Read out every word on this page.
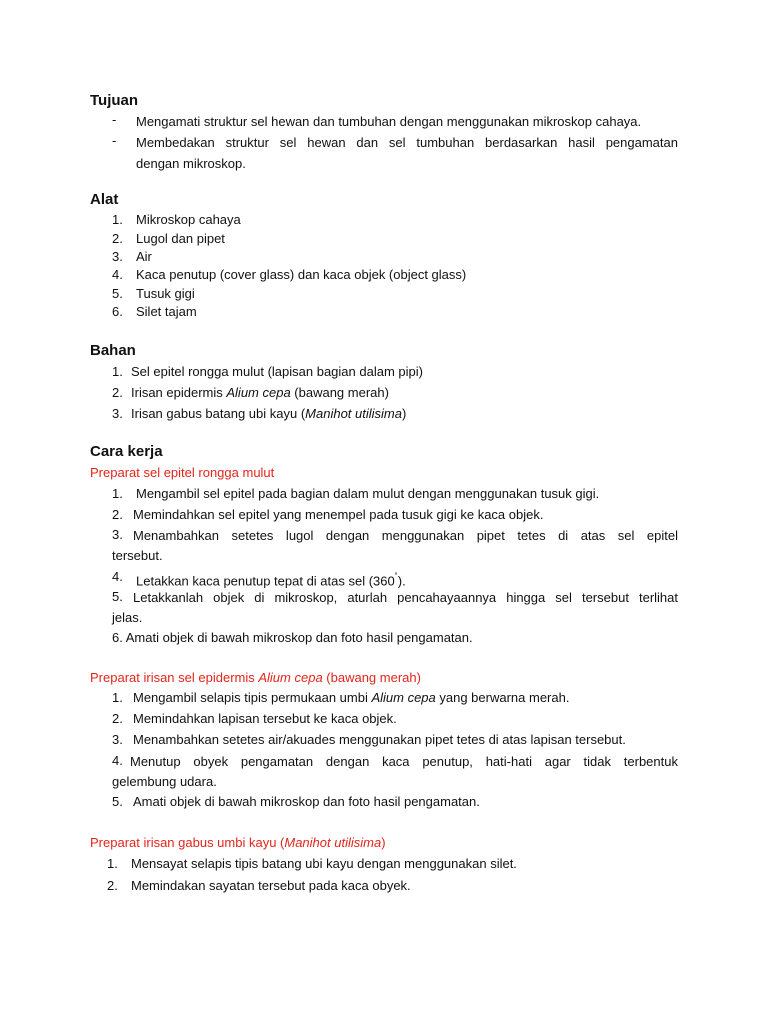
Tujuan
- Mengamati struktur sel hewan dan tumbuhan dengan menggunakan mikroskop cahaya.
- Membedakan struktur sel hewan dan sel tumbuhan berdasarkan hasil pengamatan
dengan mikroskop.
Alat
1. Mikroskop cahaya
2. Lugol dan pipet
3. Air
4. Kaca penutup (cover glass) dan kaca objek (object glass)
5. Tusuk gigi
6. Silet tajam
Bahan
1. Sel epitel rongga mulut (lapisan bagian dalam pipi)
2. Irisan epidermis Alium cepa (bawang merah)
3. Irisan gabus batang ubi kayu (Manihot utilisima)
Cara kerja
Preparat sel epitel rongga mulut
1. Mengambil sel epitel pada bagian dalam mulut dengan menggunakan tusuk gigi.
2. Memindahkan sel epitel yang menempel pada tusuk gigi ke kaca objek.
3. Menambahkan setetes lugol dengan menggunakan pipet tetes di atas sel epitel
tersebut.
4. Letakkan kaca penutup tepat di atas sel (360˚).
5. Letakkanlah objek di mikroskop, aturlah pencahayaannya hingga sel tersebut terlihat
jelas.
6. Amati objek di bawah mikroskop dan foto hasil pengamatan.
Preparat irisan sel epidermis Alium cepa (bawang merah)
1. Mengambil selapis tipis permukaan umbi Alium cepa yang berwarna merah.
2. Memindahkan lapisan tersebut ke kaca objek.
3. Menambahkan setetes air/akuades menggunakan pipet tetes di atas lapisan tersebut.
4. Menutup obyek pengamatan dengan kaca penutup, hati-hati agar tidak terbentuk
gelembung udara.
5. Amati objek di bawah mikroskop dan foto hasil pengamatan.
Preparat irisan gabus umbi kayu (Manihot utilisima)
1. Mensayat selapis tipis batang ubi kayu dengan menggunakan silet.
2. Memindakan sayatan tersebut pada kaca obyek.
